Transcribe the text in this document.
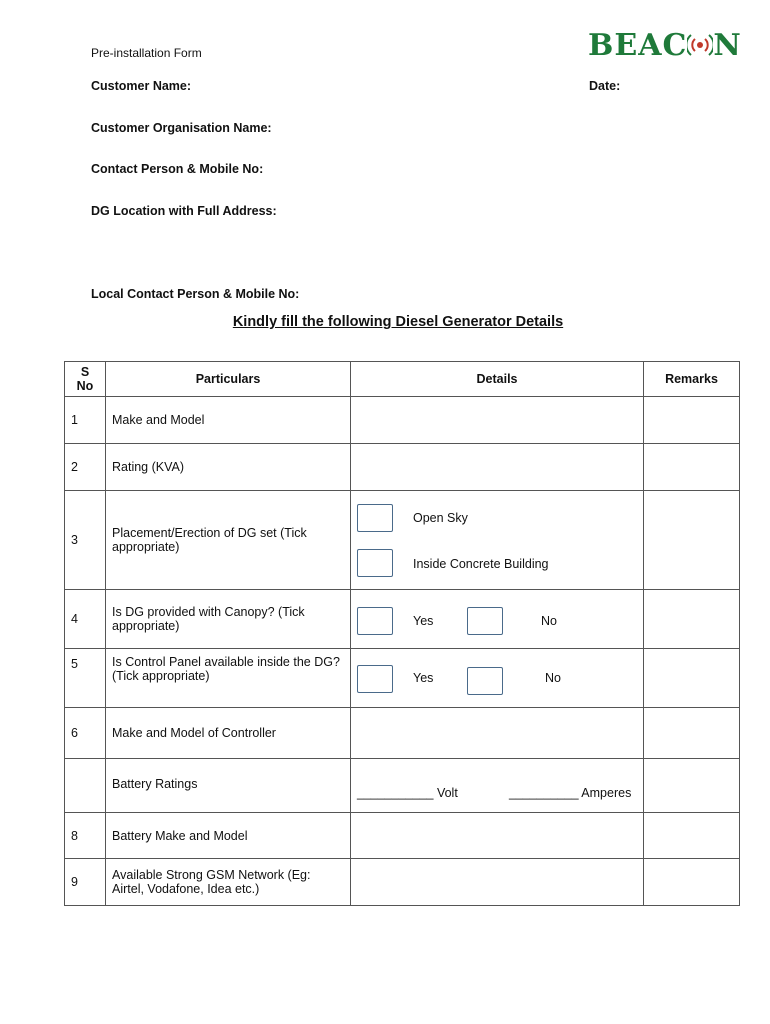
Pre-installation Form	BEAC N
Customer Name:	Date:
Customer Organisation Name:
Contact Person & Mobile No:
DG Location with Full Address:
Local Contact Person & Mobile No:
Kindly fill the following Diesel Generator Details
S No	Particulars	Details	Remarks
1	Make and Model		
2	Rating (KVA)		
3	Placement/Erection of DG set (Tick appropriate)	Open Sky
Inside Concrete Building	

4	Is DG provided with Canopy? (Tick appropriate)	Yes No	

5	Is Control Panel available inside the DG? (Tick appropriate)	Yes No	

6	Make and Model of Controller		
	Battery Ratings	___________ Volt __________ Amperes	

8	Battery Make and Model		
9	Available Strong GSM Network (Eg: Airtel, Vodafone, Idea etc.)		
